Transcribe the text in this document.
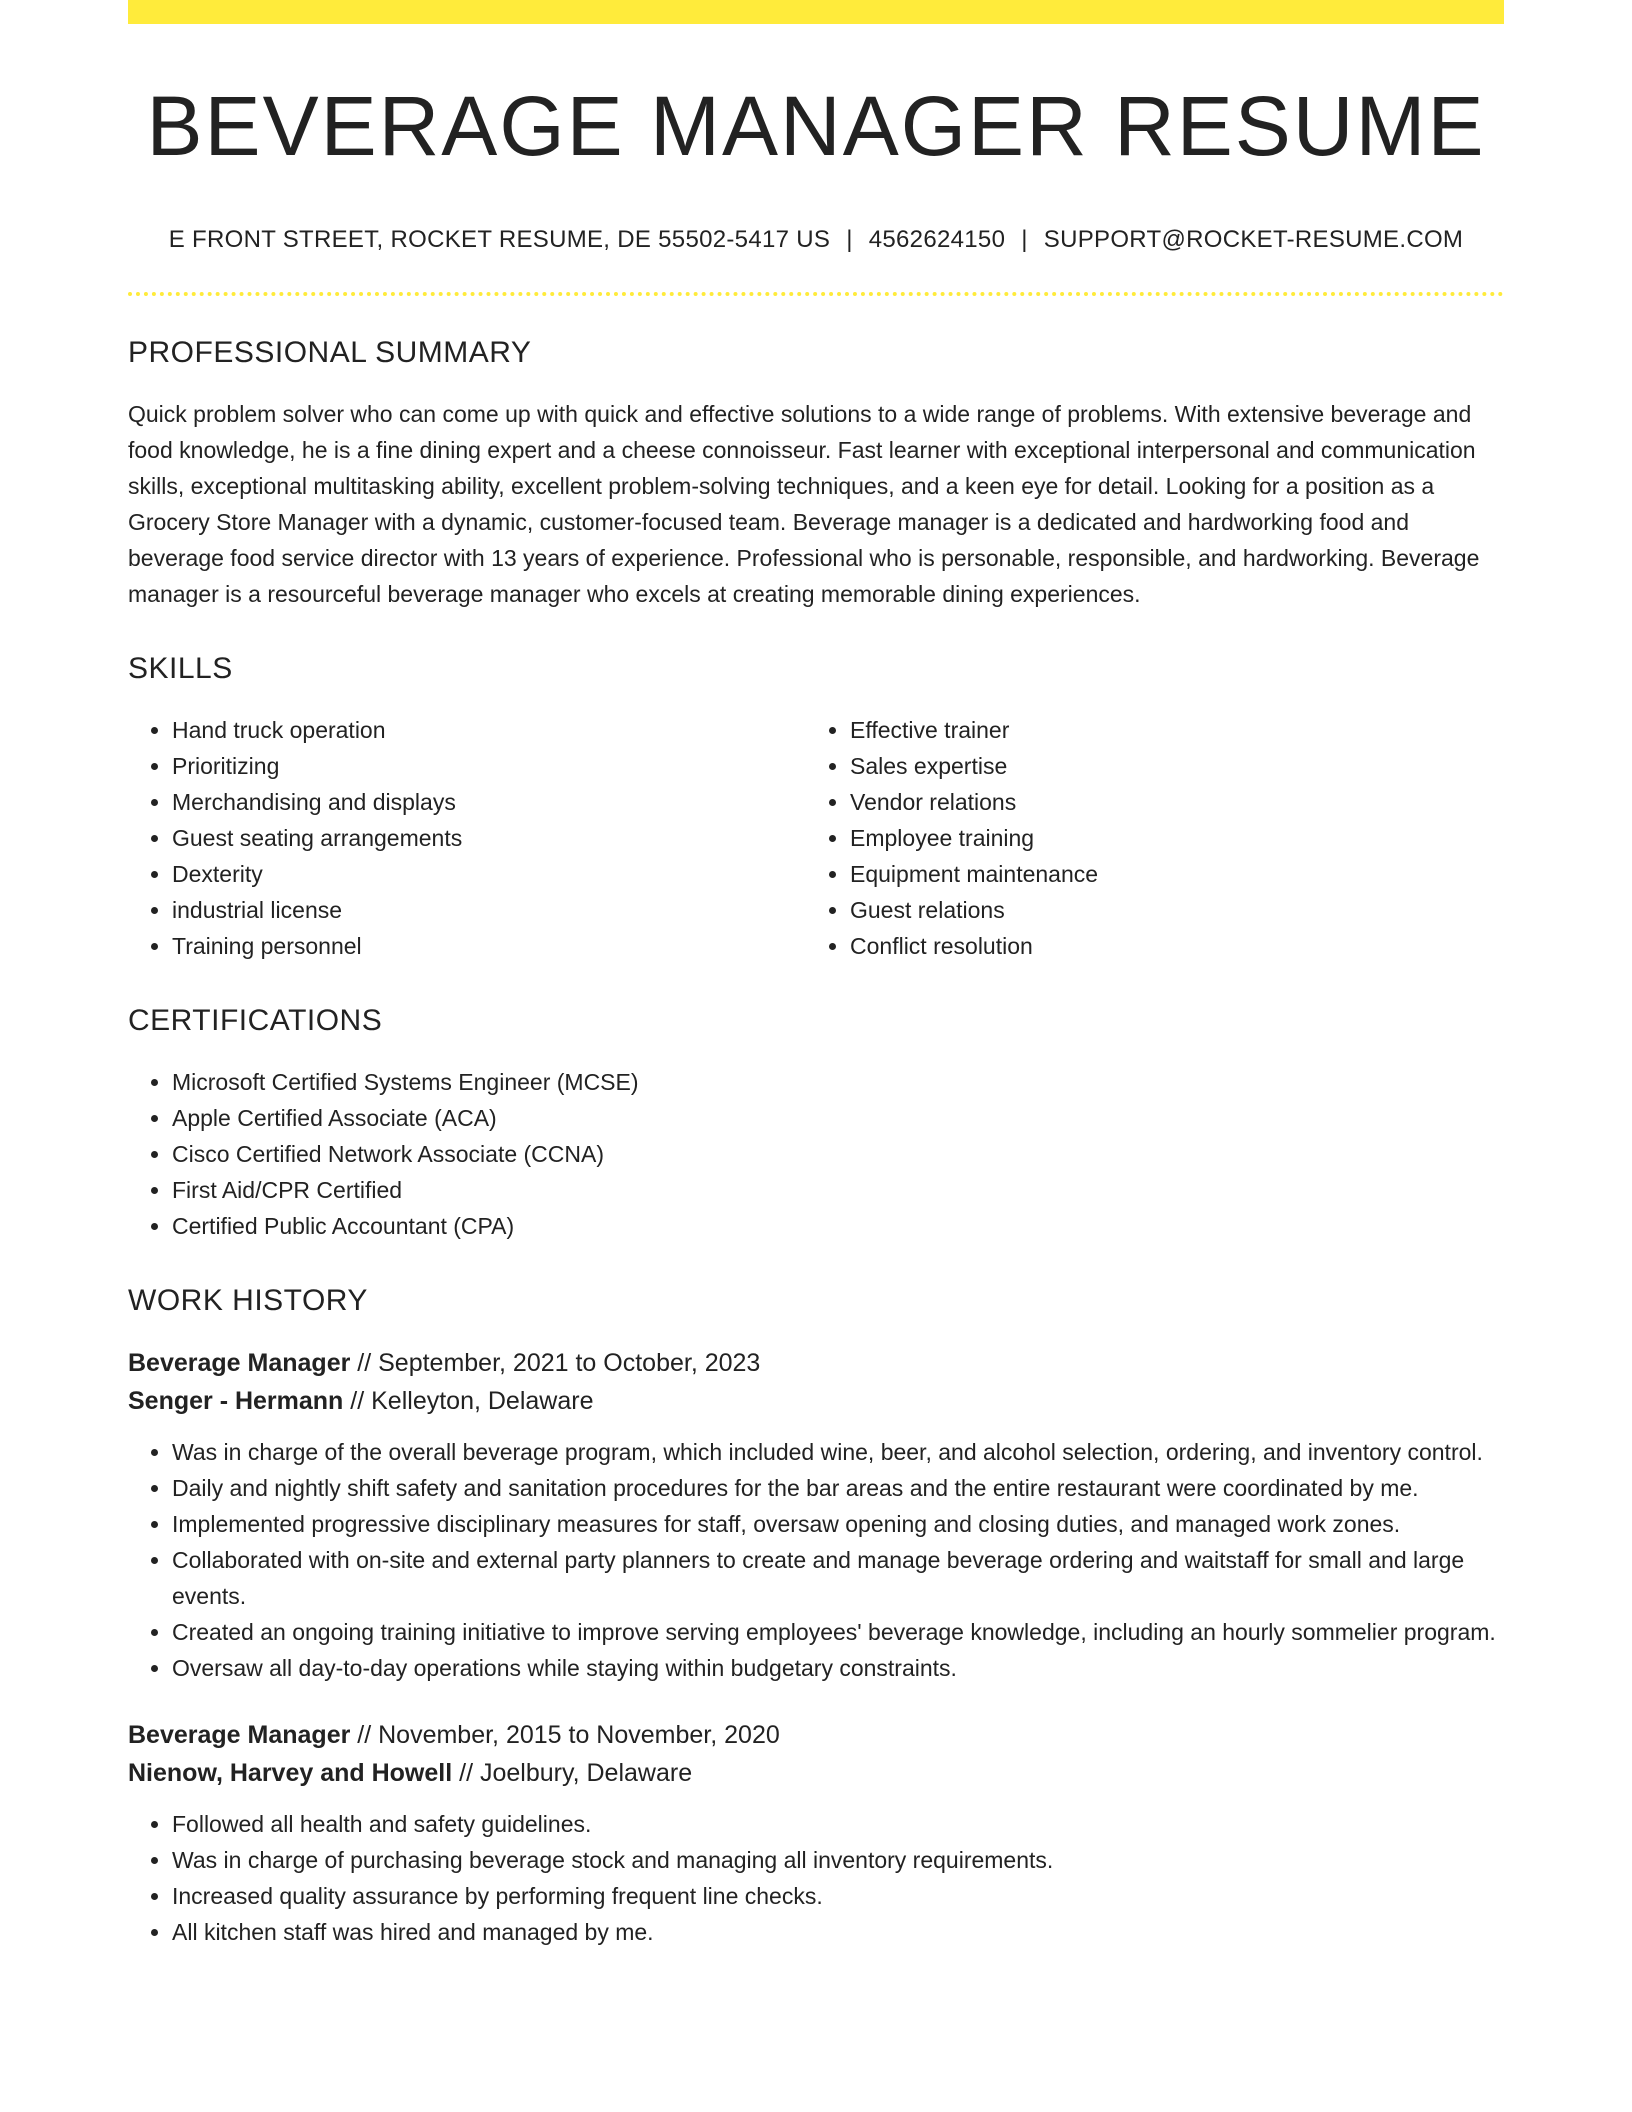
BEVERAGE MANAGER RESUME
E FRONT STREET, ROCKET RESUME, DE 55502-5417 US | 4562624150 | SUPPORT@ROCKET-RESUME.COM
PROFESSIONAL SUMMARY

Quick problem solver who can come up with quick and effective solutions to a wide range of problems. With extensive beverage and food knowledge, he is a fine dining expert and a cheese connoisseur. Fast learner with exceptional interpersonal and communication skills, exceptional multitasking ability, excellent problem-solving techniques, and a keen eye for detail. Looking for a position as a Grocery Store Manager with a dynamic, customer-focused team. Beverage manager is a dedicated and hardworking food and beverage food service director with 13 years of experience. Professional who is personable, responsible, and hardworking. Beverage manager is a resourceful beverage manager who excels at creating memorable dining experiences.

SKILLS
• Hand truck operation
• Prioritizing
• Merchandising and displays
• Guest seating arrangements
• Dexterity
• industrial license
• Training personnel
• Effective trainer
• Sales expertise
• Vendor relations
• Employee training
• Equipment maintenance
• Guest relations
• Conflict resolution
CERTIFICATIONS
• Microsoft Certified Systems Engineer (MCSE)
• Apple Certified Associate (ACA)
• Cisco Certified Network Associate (CCNA)
• First Aid/CPR Certified
• Certified Public Accountant (CPA)
WORK HISTORY
Beverage Manager // September, 2021 to October, 2023
Senger - Hermann // Kelleyton, Delaware
• Was in charge of the overall beverage program, which included wine, beer, and alcohol selection, ordering, and inventory control.
• Daily and nightly shift safety and sanitation procedures for the bar areas and the entire restaurant were coordinated by me.
• Implemented progressive disciplinary measures for staff, oversaw opening and closing duties, and managed work zones.
• Collaborated with on-site and external party planners to create and manage beverage ordering and waitstaff for small and large events.
• Created an ongoing training initiative to improve serving employees' beverage knowledge, including an hourly sommelier program.
• Oversaw all day-to-day operations while staying within budgetary constraints.
Beverage Manager // November, 2015 to November, 2020
Nienow, Harvey and Howell // Joelbury, Delaware
• Followed all health and safety guidelines.
• Was in charge of purchasing beverage stock and managing all inventory requirements.
• Increased quality assurance by performing frequent line checks.
• All kitchen staff was hired and managed by me.
